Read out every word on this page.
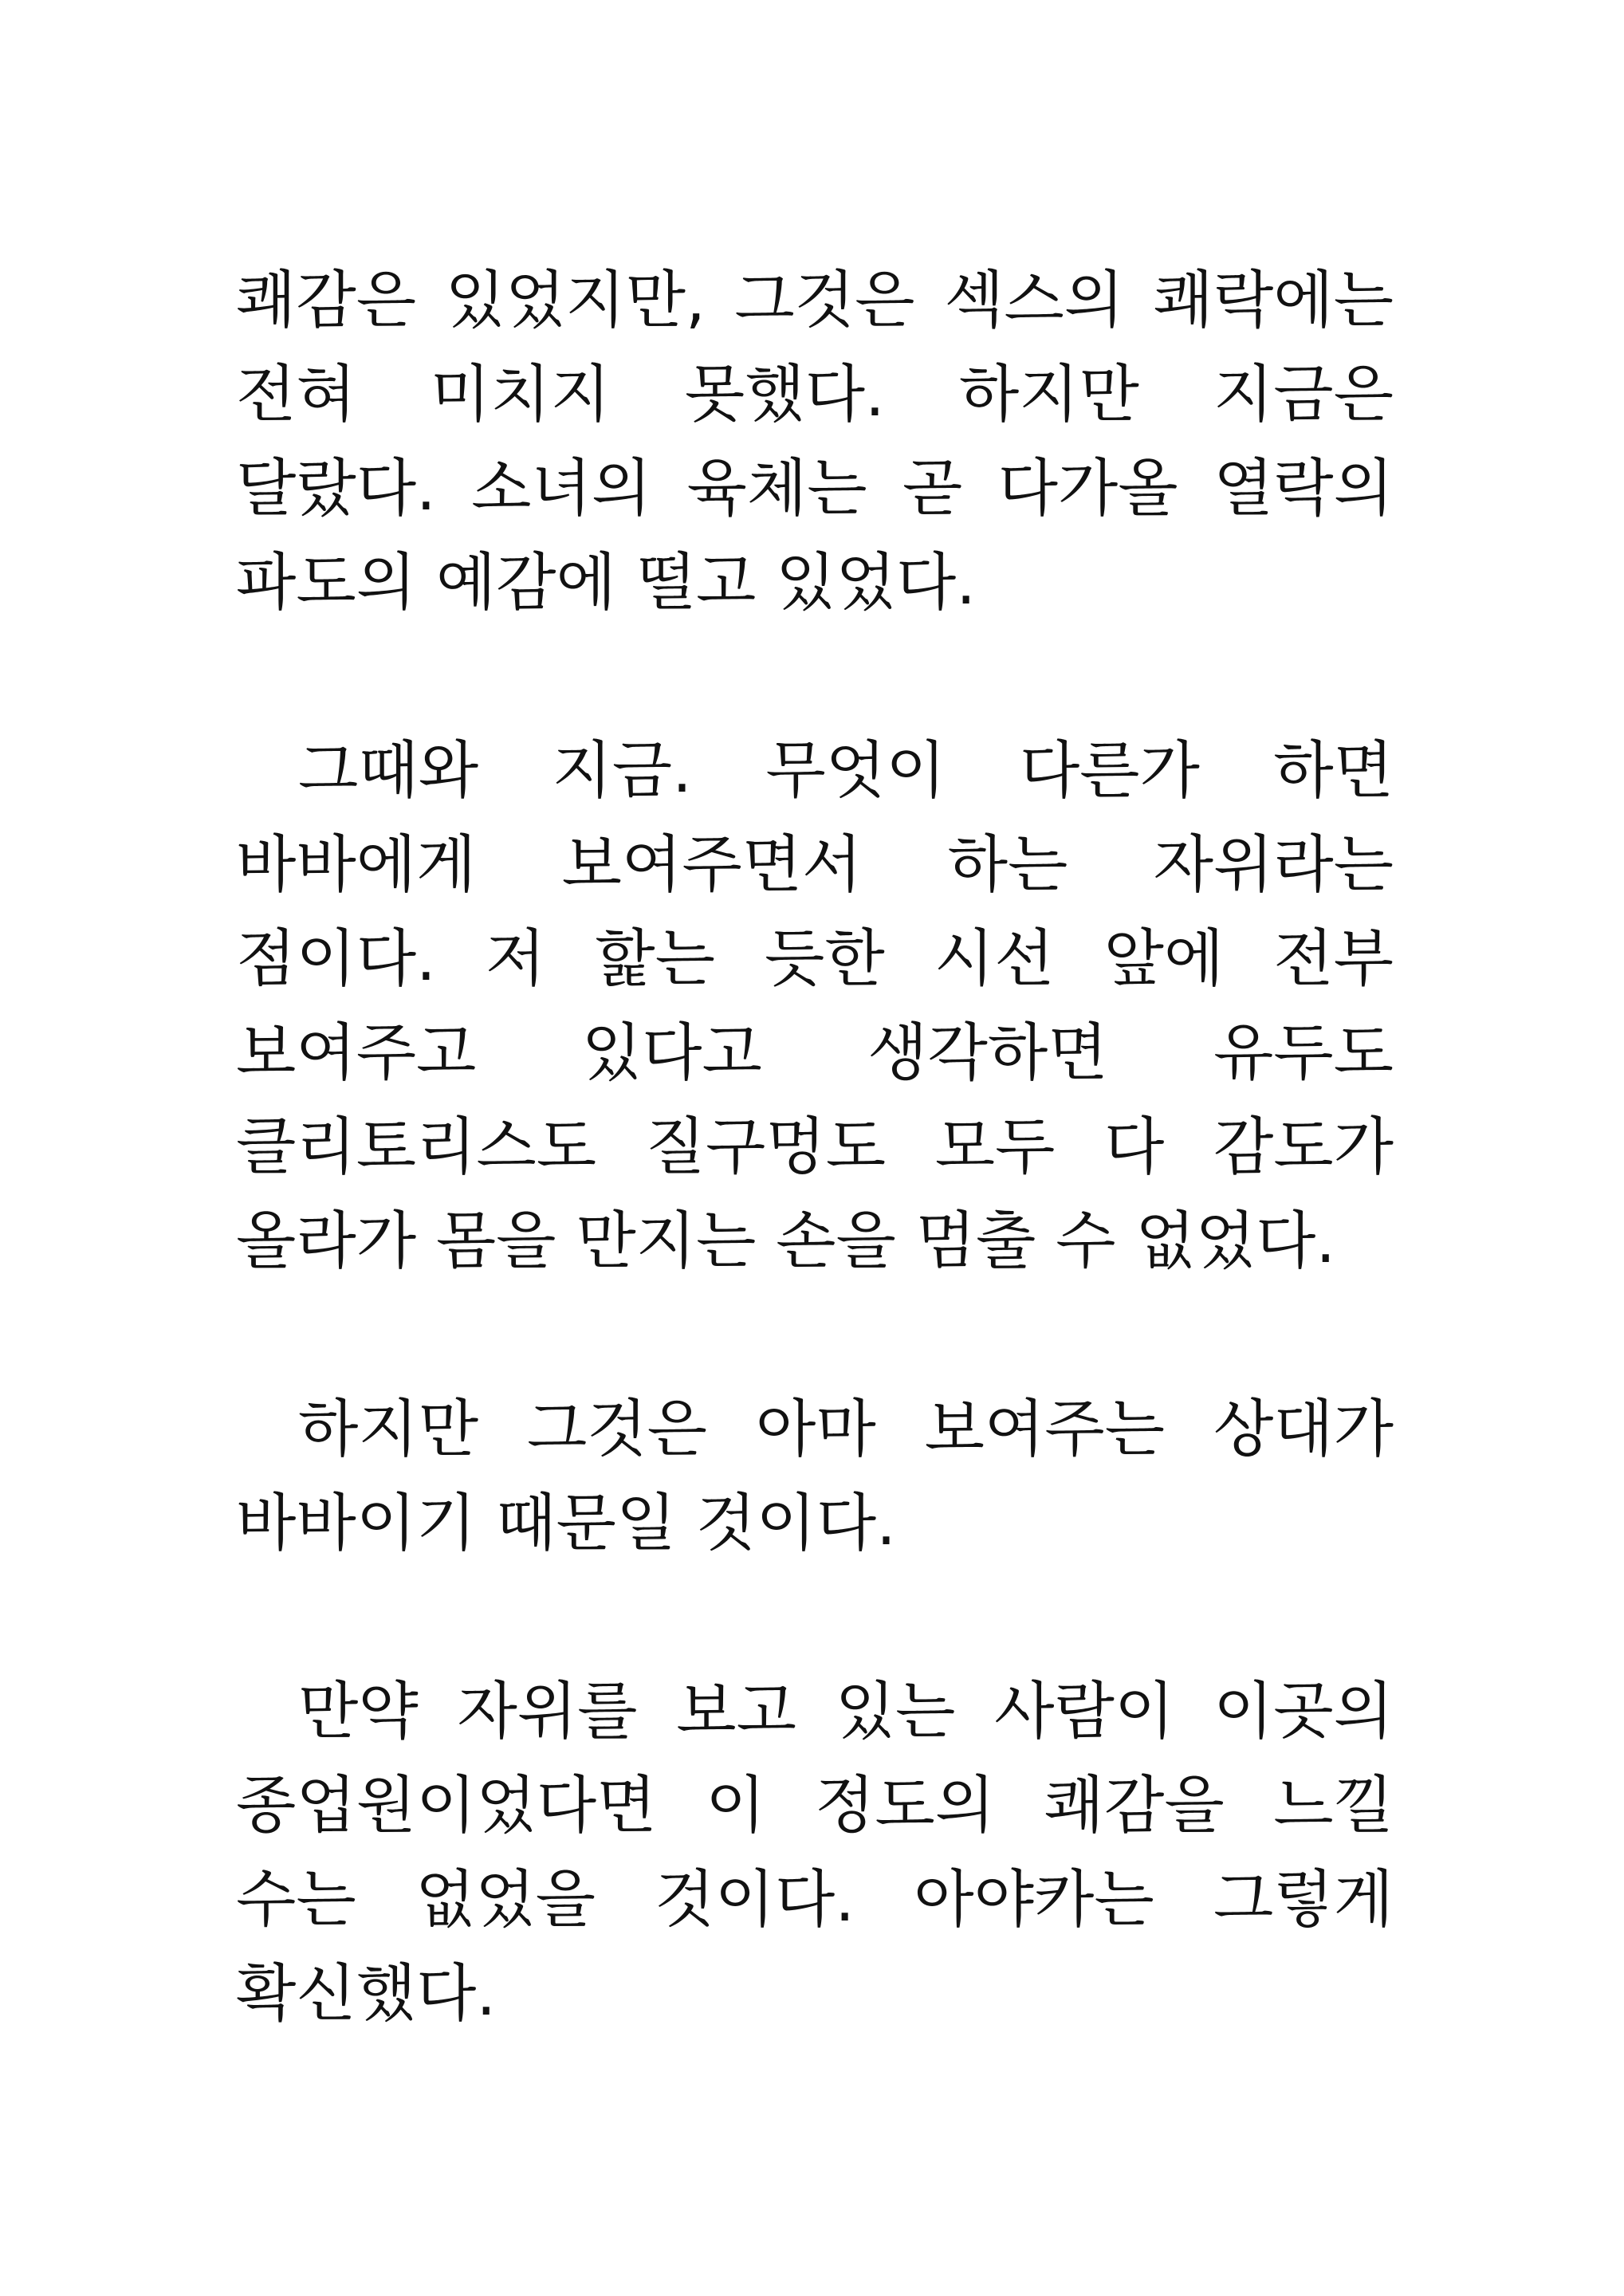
쾌감은 있었지만, 그것은 섹스의 쾌락에는 전혀 미치지 못했다. 하지만 지금은 달랐다. 소녀의 육체는 곧 다가올 열락의 파도의 예감에 떨고 있었다.

그때와 지금. 무엇이 다른가 하면 바바에게 보여주면서 하는 자위라는 점이다. 저 핥는 듯한 시선 앞에 전부 보여주고 있다고 생각하면 유두도 클리토리스도 질구멍도 모두 다 감도가 올라가 몸을 만지는 손을 멈출 수 없었다.

하지만 그것은 아마 보여주는 상대가 바바이기 때문일 것이다.

만약 자위를 보고 있는 사람이 이곳의 종업원이었다면 이 정도의 쾌감을 느낄 수는 없었을 것이다. 아야카는 그렇게 확신했다.
